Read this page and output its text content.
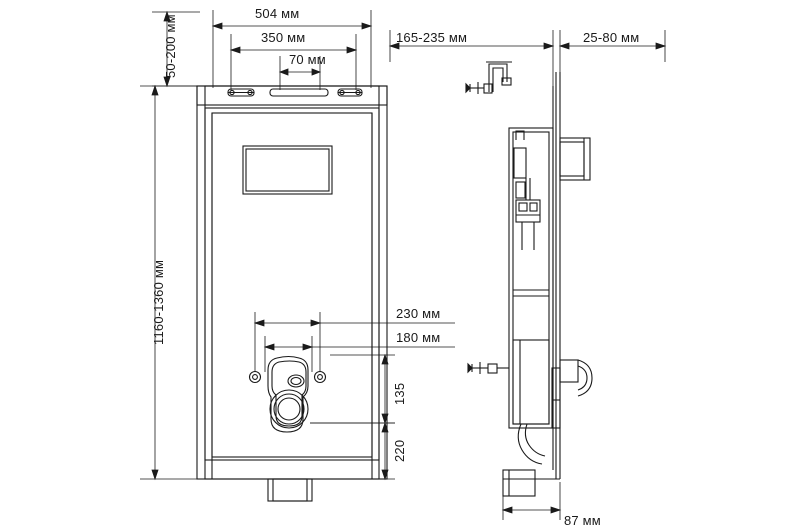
504 мм
350 мм
70 мм
50-200 мм
1160-1360 мм
165-235 мм	25-80 мм
230 мм
180 мм
135
220
87 мм
